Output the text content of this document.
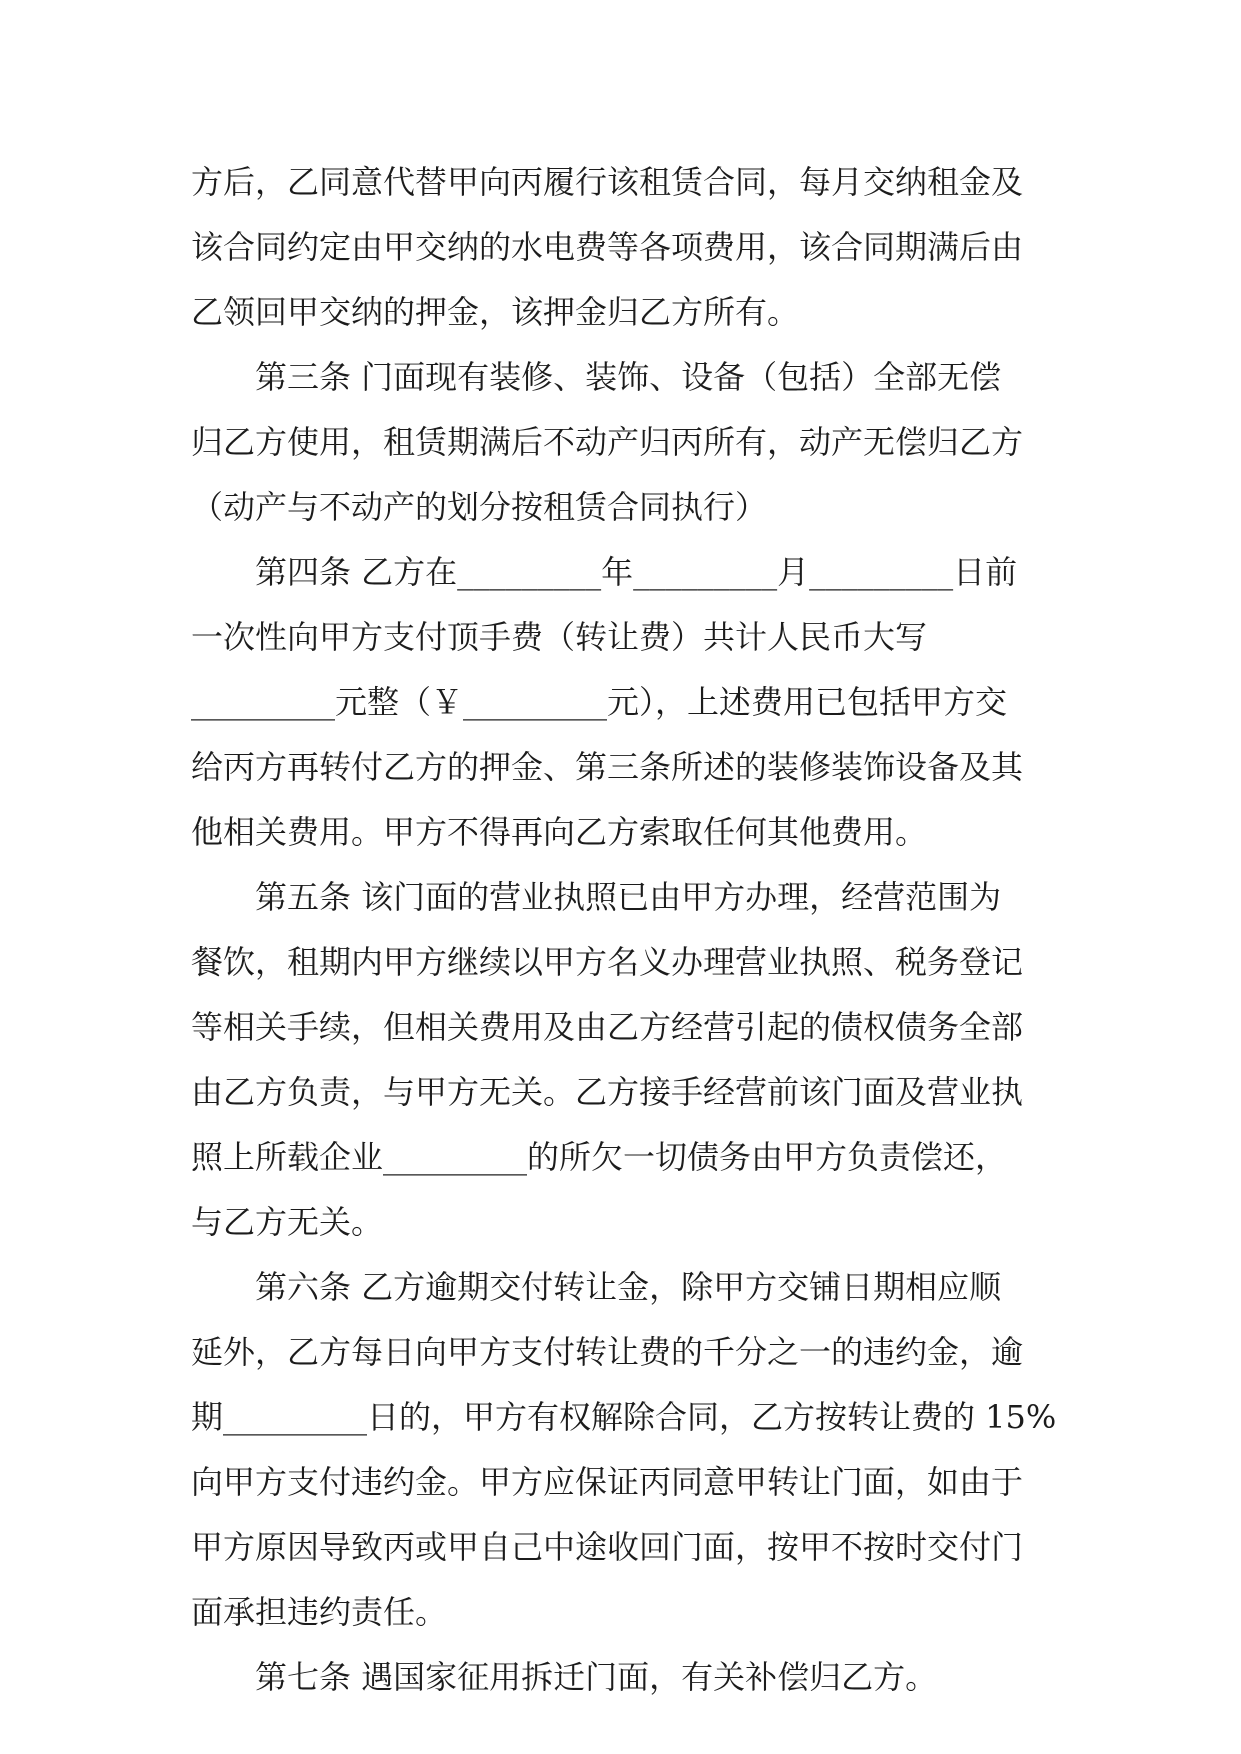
方后，乙同意代替甲向丙履行该租赁合同，每月交纳租金及
该合同约定由甲交纳的水电费等各项费用，该合同期满后由
乙领回甲交纳的押金，该押金归乙方所有。
第三条 门面现有装修、装饰、设备（包括）全部无偿
归乙方使用，租赁期满后不动产归丙所有，动产无偿归乙方
（动产与不动产的划分按租赁合同执行）
第四条 乙方在_________年_________月_________日前
一次性向甲方支付顶手费（转让费）共计人民币大写
_________元整（￥_________元），上述费用已包括甲方交
给丙方再转付乙方的押金、第三条所述的装修装饰设备及其
他相关费用。甲方不得再向乙方索取任何其他费用。
第五条 该门面的营业执照已由甲方办理，经营范围为
餐饮，租期内甲方继续以甲方名义办理营业执照、税务登记
等相关手续，但相关费用及由乙方经营引起的债权债务全部
由乙方负责，与甲方无关。乙方接手经营前该门面及营业执
照上所载企业_________的所欠一切债务由甲方负责偿还，
与乙方无关。
第六条 乙方逾期交付转让金，除甲方交铺日期相应顺
延外，乙方每日向甲方支付转让费的千分之一的违约金，逾
期_________日的，甲方有权解除合同，乙方按转让费的 15%
向甲方支付违约金。甲方应保证丙同意甲转让门面，如由于
甲方原因导致丙或甲自己中途收回门面，按甲不按时交付门
面承担违约责任。
第七条 遇国家征用拆迁门面，有关补偿归乙方。
